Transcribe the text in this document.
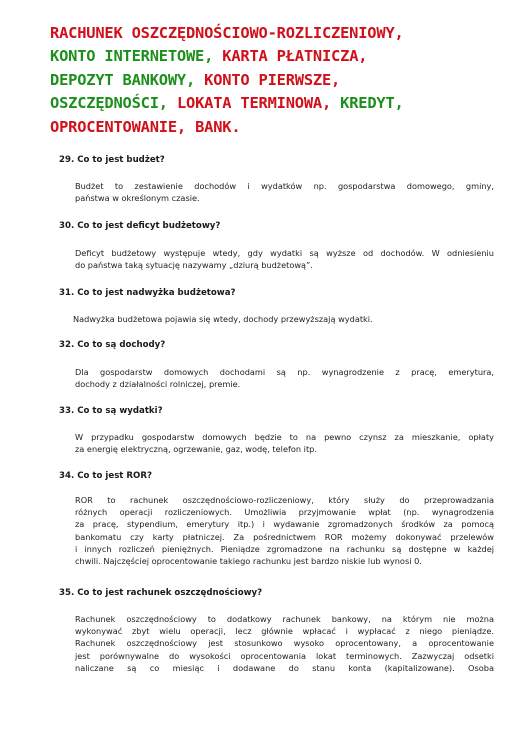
RACHUNEK OSZCZĘDNOŚCIOWO-ROZLICZENIOWY,
KONTO INTERNETOWE, KARTA PŁATNICZA,
DEPOZYT BANKOWY, KONTO PIERWSZE,
OSZCZĘDNOŚCI, LOKATA TERMINOWA, KREDYT,
OPROCENTOWANIE, BANK.
29. Co to jest budżet?
Budżet to zestawienie dochodów i wydatków np. gospodarstwa domowego, gminy,
państwa w określonym czasie.
30. Co to jest deficyt budżetowy?
Deficyt budżetowy występuje wtedy, gdy wydatki są wyższe od dochodów. W odniesieniu
do państwa taką sytuację nazywamy „dziurą budżetową”.
31. Co to jest nadwyżka budżetowa?
Nadwyżka budżetowa pojawia się wtedy, dochody przewyższają wydatki.
32. Co to są dochody?
Dla gospodarstw domowych dochodami są np. wynagrodzenie z pracę, emerytura,
dochody z działalności rolniczej, premie.
33. Co to są wydatki?
W przypadku gospodarstw domowych będzie to na pewno czynsz za mieszkanie, opłaty
za energię elektryczną, ogrzewanie, gaz, wodę, telefon itp.
34. Co to jest ROR?
ROR to rachunek oszczędnościowo-rozliczeniowy, który służy do przeprowadzania
różnych operacji rozliczeniowych. Umożliwia przyjmowanie wpłat (np. wynagrodzenia
za pracę, stypendium, emerytury itp.) i wydawanie zgromadzonych środków za pomocą
bankomatu czy karty płatniczej. Za pośrednictwem ROR możemy dokonywać przelewów
i innych rozliczeń pieniężnych. Pieniądze zgromadzone na rachunku są dostępne w każdej
chwili. Najczęściej oprocentowanie takiego rachunku jest bardzo niskie lub wynosi 0.
35. Co to jest rachunek oszczędnościowy?
Rachunek oszczędnościowy to dodatkowy rachunek bankowy, na którym nie można
wykonywać zbyt wielu operacji, lecz głównie wpłacać i wypłacać z niego pieniądze.
Rachunek oszczędnościowy jest stosunkowo wysoko oprocentowany, a oprocentowanie
jest porównywalne do wysokości oprocentowania lokat terminowych. Zazwyczaj odsetki
naliczane są co miesiąc i dodawane do stanu konta (kapitalizowane). Osoba
